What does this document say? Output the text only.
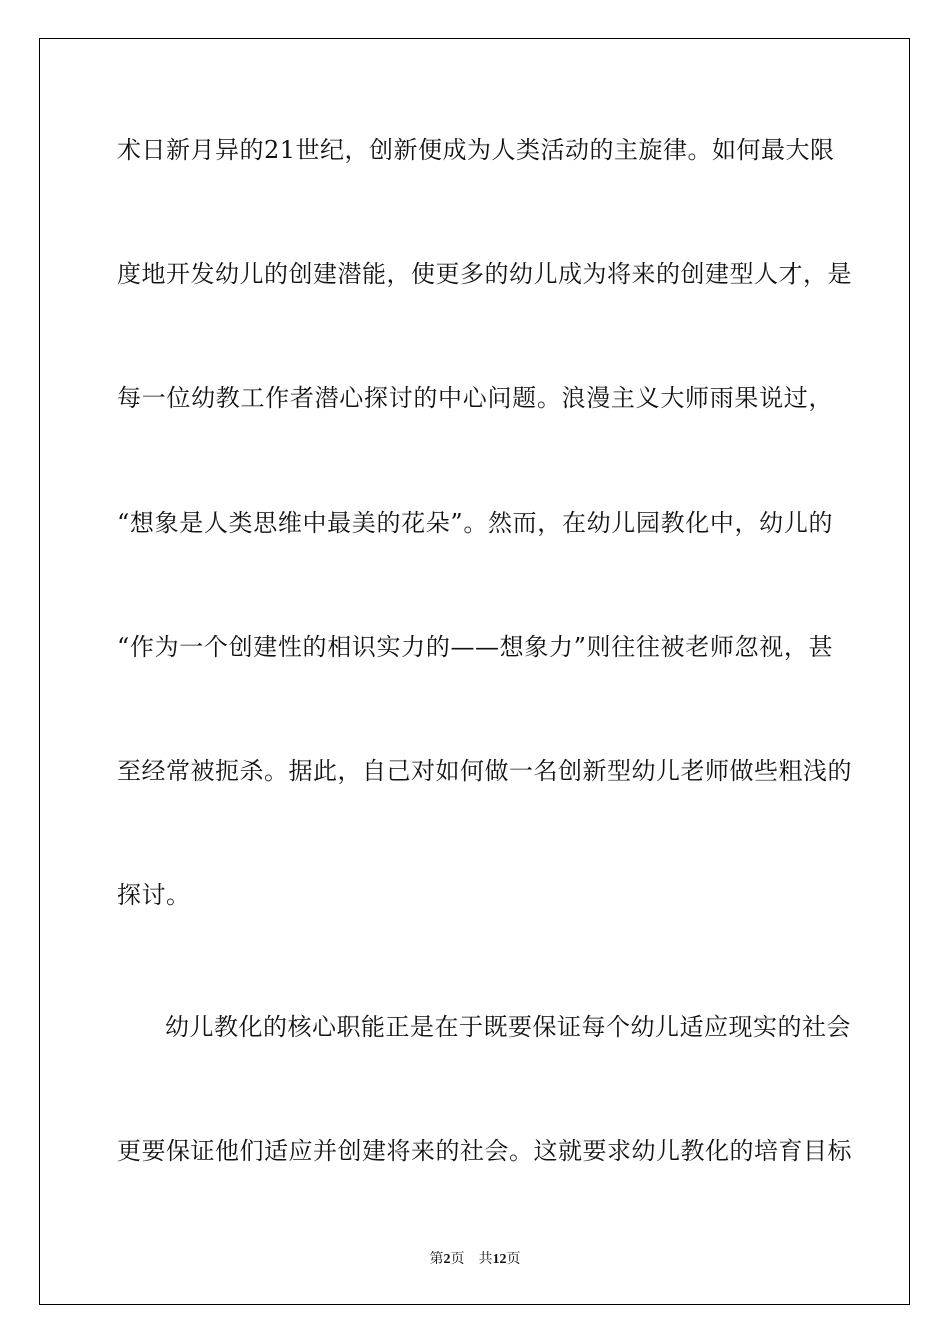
术日新月异的21世纪，创新便成为人类活动的主旋律。如何最大限
度地开发幼儿的创建潜能，使更多的幼儿成为将来的创建型人才，是
每一位幼教工作者潜心探讨的中心问题。浪漫主义大师雨果说过，
“想象是人类思维中最美的花朵”。然而，在幼儿园教化中，幼儿的
“作为一个创建性的相识实力的——想象力”则往往被老师忽视，甚
至经常被扼杀。据此，自己对如何做一名创新型幼儿老师做些粗浅的
探讨。
幼儿教化的核心职能正是在于既要保证每个幼儿适应现实的社会
更要保证他们适应并创建将来的社会。这就要求幼儿教化的培育目标
第2页 共12页
